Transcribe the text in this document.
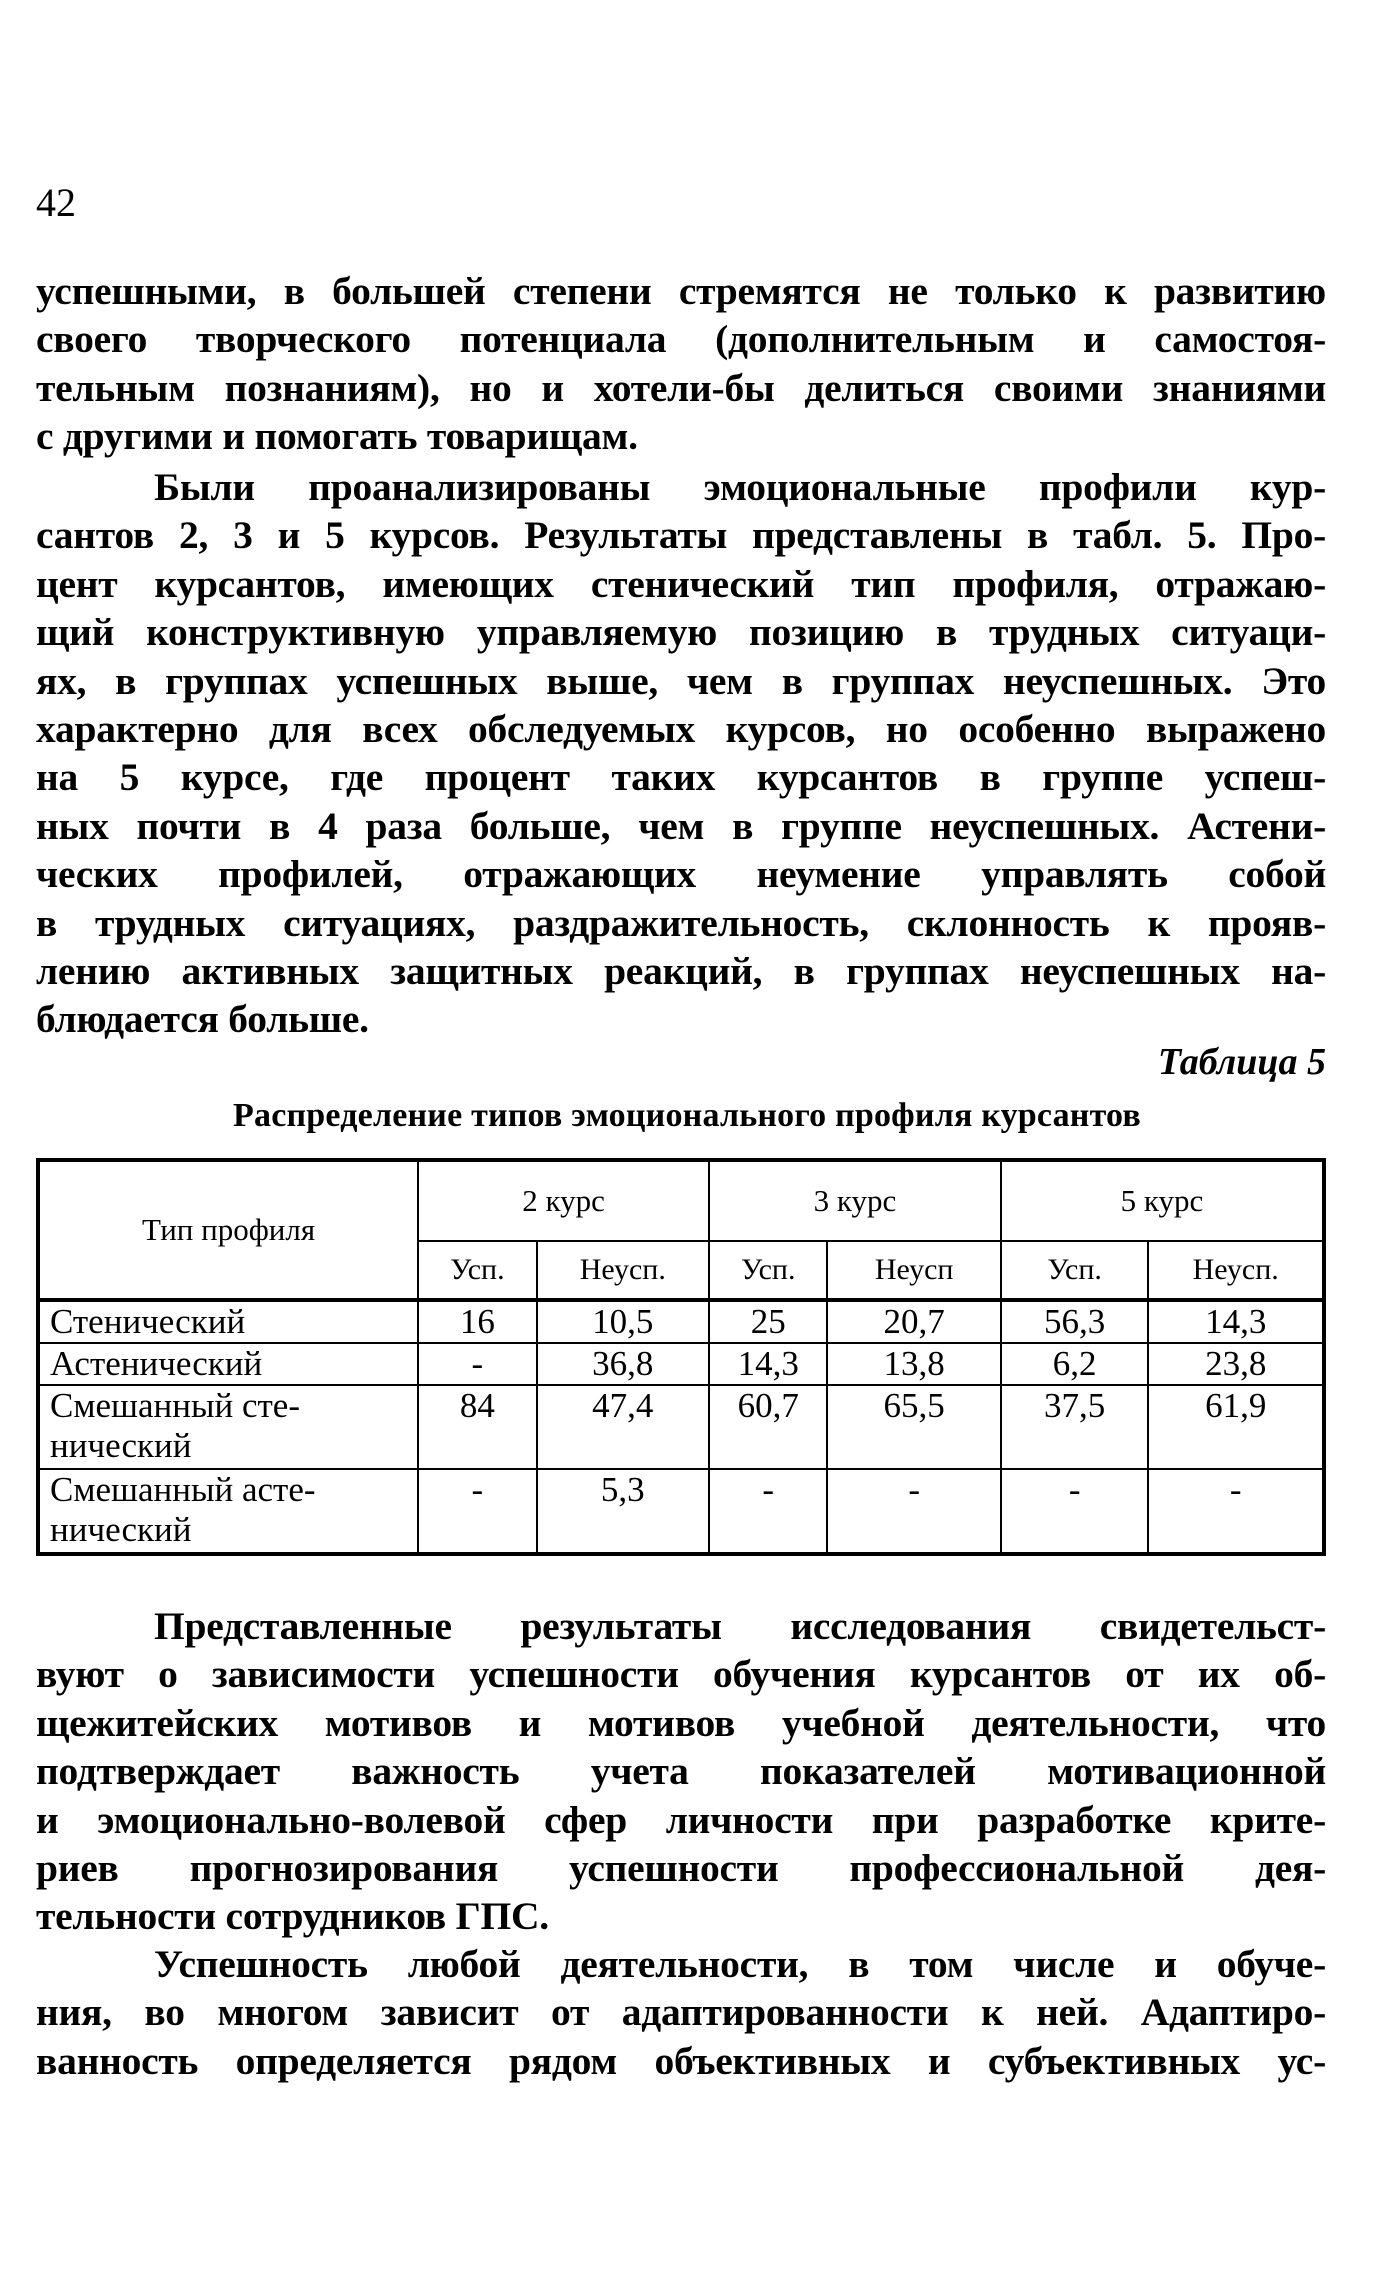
42

успешными, в большей степени стремятся не только к развитию
своего творческого потенциала (дополнительным и самостоя-
тельным познаниям), но и хотели-бы делиться своими знаниями
с другими и помогать товарищам.

Были проанализированы эмоциональные профили кур-
сантов 2, 3 и 5 курсов. Результаты представлены в табл. 5. Про-
цент курсантов, имеющих стенический тип профиля, отражаю-
щий конструктивную управляемую позицию в трудных ситуаци-
ях, в группах успешных выше, чем в группах неуспешных. Это
характерно для всех обследуемых курсов, но особенно выражено
на 5 курсе, где процент таких курсантов в группе успеш-
ных почти в 4 раза больше, чем в группе неуспешных. Астени-
ческих профилей, отражающих неумение управлять собой
в трудных ситуациях, раздражительность, склонность к прояв-
лению активных защитных реакций, в группах неуспешных на-
блюдается больше.

Таблица 5
Распределение типов эмоционального профиля курсантов
Тип профиля	2 курс		3 курс		5 курс	
	Усп.	Неусп.	Усп.	Неусп	Усп.	Неусп.
Стенический	16	10,5	25	20,7	56,3	14,3
Астенический	-	36,8	14,3	13,8	6,2	23,8
Смешанный сте-
нический	84	47,4	60,7	65,5	37,5	61,9
Смешанный асте-
нический	-	5,3	-	-	-	-

Представленные результаты исследования свидетельст-
вуют о зависимости успешности обучения курсантов от их об-
щежитейских мотивов и мотивов учебной деятельности, что
подтверждает важность учета показателей мотивационной
и эмоционально-волевой сфер личности при разработке крите-
риев прогнозирования успешности профессиональной дея-
тельности сотрудников ГПС.

Успешность любой деятельности, в том числе и обуче-
ния, во многом зависит от адаптированности к ней. Адаптиро-
ванность определяется рядом объективных и субъективных ус-
